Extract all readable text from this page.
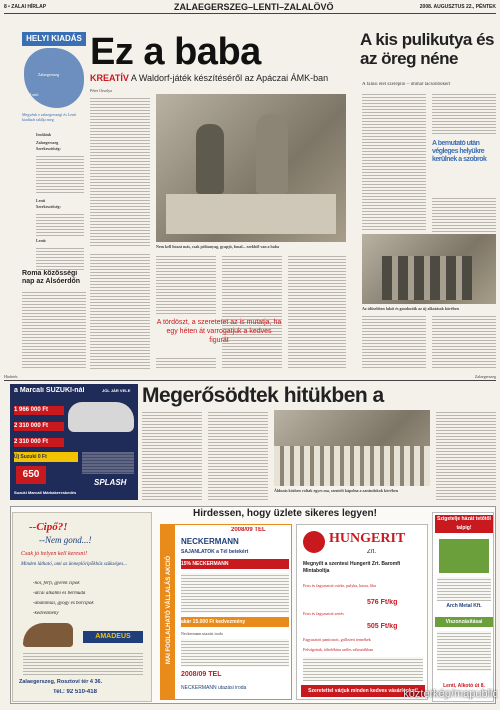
8 • ZALAI HÍRLAP	ZALAEGERSZEG–LENTI–ZALALÖVŐ	2008. AUGUSZTUS 22., PÉNTEK
HELYI KIADÁS
Zalaegerszeg
Lenti
Megyénk e zalaegerszegi és Lenti kiadását találja meg
Irodáink
Zalaegerszeg
Szerkesztőség:
Lenti
Szerkesztőség:
Lenti:
Roma közösségi nap az Alsóerdőn
Ez a baba
KREATÍV A Waldorf-játék készítéséről az Apáczai ÁMK-ban
Péter Orsolya
Nem kell hozzá más, csak pólóanyag, gyapjú, fonal... ezekből van a baba
A tördöszt, a szeretetet az is mutatja, ha egy héten át varrogatjuk a kedves figurát
A kis pulikutya és az öreg néne
A falusi élet szereplői – immár lacsonbőkert
A bemutató után végleges helyükre kerülnek a szobrok
Az idősebben lakói és gondozóik az új alkotások körében
Hirdetés	Zalaegerszeg
a Marcali SUZUKI-nál	JÓL JÁR VELE
1 966 000 Ft
2 310 000 Ft
2 310 000 Ft
Új Suzuki 0 Ft
650
SPLASH
Suzuki Marcali Márkakereskedés
Megerősödtek hitükben a
Áldozás közben voltak egyes ma, szentelt kápolna a zarándokok körében
--Cipő?!
--Nem gond...!
Csak jó helyen kell keresni!
Minden látható, ami az ünneplöcipőkhöz szükséges...
-női, férfi, gyerek cipők
-utcai alkalmi és bermuda
-anatómiai, gyógy és bőrcipők
-kedvezmény
AMADEUS
Zalaegerszeg, Rosztovi tér 4 36.
Tel.: 92 510-418
Hirdessen, hogy üzlete sikeres legyen!
MAI FOGLALHATÓ VÁLLALÁS AKCIÓ
2008/09 TEL
NECKERMANN
SÁJANLATOK a Tél betekért
15% NECKERMANN
akár 15.000 Ft kedvezmény
Neckermann utazási iroda
2008/09 TÉL
NECKERMANN utazási iroda
HUNGERIT
Zrt.
Megnyílt a szentesi Hungerit Zrt. Baromfi Mintaboltja
Friss és fagyasztott csirke, pulyka, kacsa, liba
576 Ft/kg
Friss és fagyasztott sertés
505 Ft/kg
Fagyasztott panírozott, grillezett termékek
Felvágottak, töltelékáru széles választékban
Szeretettel várjuk minden kedves vásárlónkat!
Szigetelje házát tetőtől talpig!
Arch Metal Kft.
Viszonzásításai
Lenti, Alkotó út 8.
közterkép/mapublic
